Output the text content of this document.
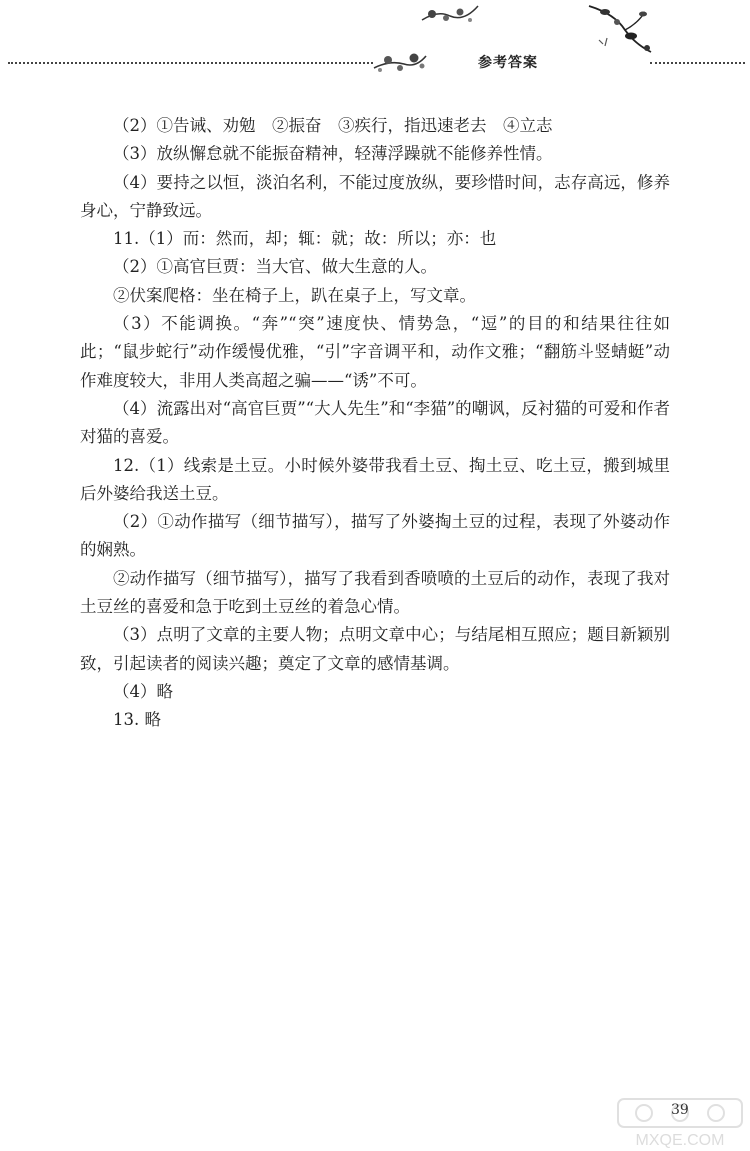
参考答案

（2）①告诫、劝勉　②振奋　③疾行，指迅速老去　④立志

（3）放纵懈怠就不能振奋精神，轻薄浮躁就不能修养性情。

（4）要持之以恒，淡泊名利，不能过度放纵，要珍惜时间，志存高远，修养身心，宁静致远。

11.（1）而：然而，却；辄：就；故：所以；亦：也

（2）①高官巨贾：当大官、做大生意的人。

②伏案爬格：坐在椅子上，趴在桌子上，写文章。

（3）不能调换。“奔”“突”速度快、情势急，“逗”的目的和结果往往如此；“鼠步蛇行”动作缓慢优雅，“引”字音调平和，动作文雅；“翻筋斗竖蜻蜓”动作难度较大，非用人类高超之骗——“诱”不可。

（4）流露出对“高官巨贾”“大人先生”和“李猫”的嘲讽，反衬猫的可爱和作者对猫的喜爱。

12.（1）线索是土豆。小时候外婆带我看土豆、掏土豆、吃土豆，搬到城里后外婆给我送土豆。

（2）①动作描写（细节描写），描写了外婆掏土豆的过程，表现了外婆动作的娴熟。

②动作描写（细节描写），描写了我看到香喷喷的土豆后的动作，表现了我对土豆丝的喜爱和急于吃到土豆丝的着急心情。

（3）点明了文章的主要人物；点明文章中心；与结尾相互照应；题目新颖别致，引起读者的阅读兴趣；奠定了文章的感情基调。

（4）略

13. 略

MXQE.COM
39
